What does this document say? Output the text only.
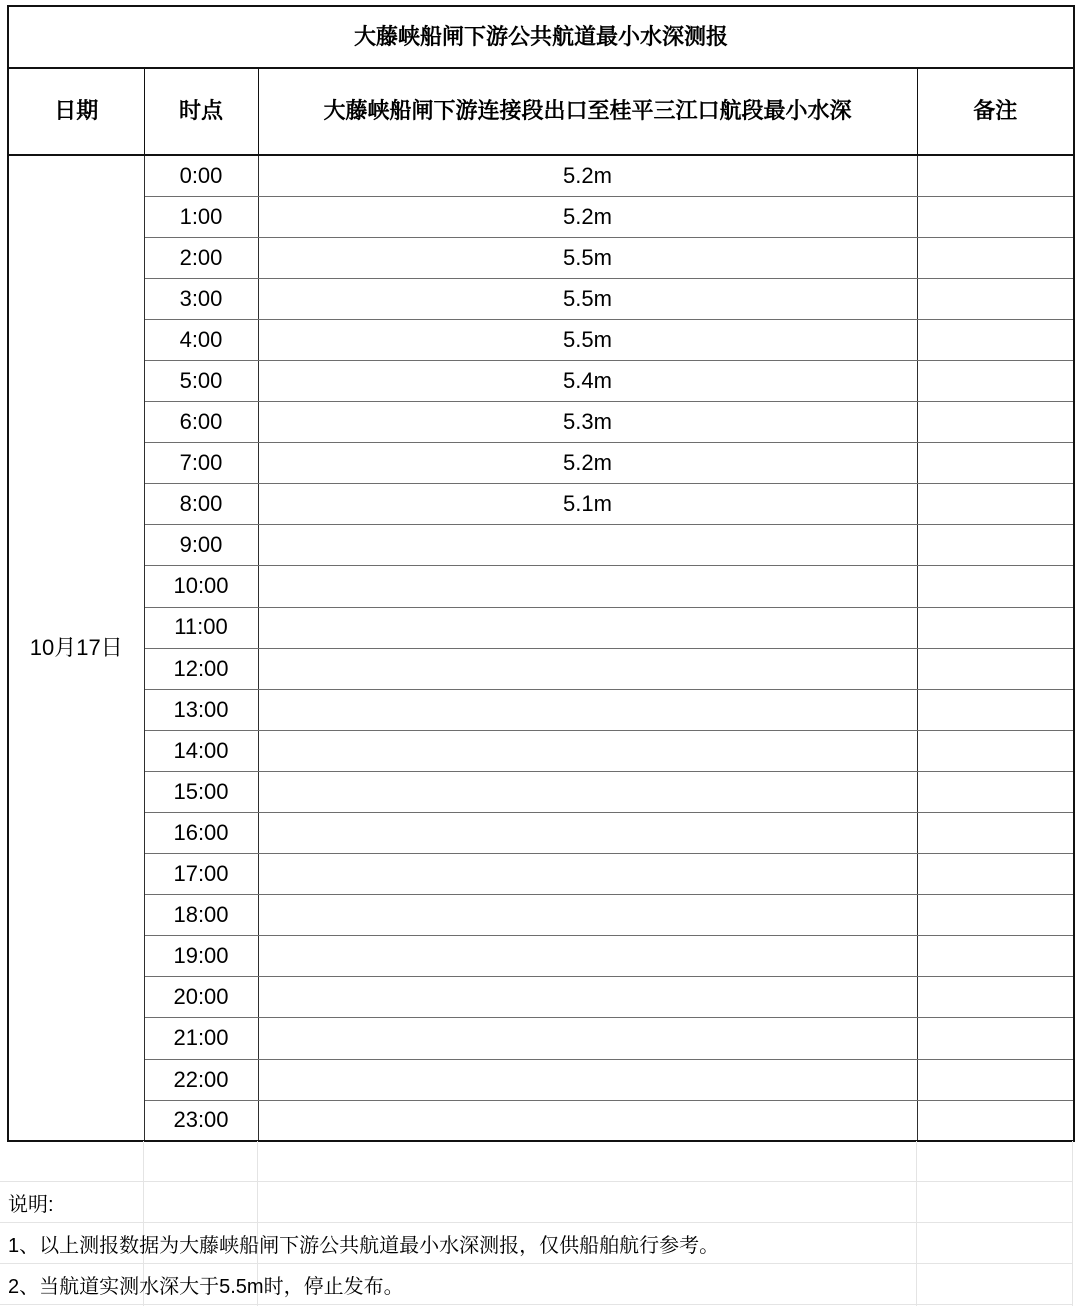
大藤峡船闸下游公共航道最小水深测报			
日期	时点	大藤峡船闸下游连接段出口至桂平三江口航段最小水深	备注
10月17日	0:00	5.2m	
	1:00	5.2m	
	2:00	5.5m	
	3:00	5.5m	
	4:00	5.5m	
	5:00	5.4m	
	6:00	5.3m	
	7:00	5.2m	
	8:00	5.1m	
	9:00		
	10:00		
	11:00		
	12:00		
	13:00		
	14:00		
	15:00		
	16:00		
	17:00		
	18:00		
	19:00		
	20:00		
	21:00		
	22:00		
	23:00		
说明:
1、以上测报数据为大藤峡船闸下游公共航道最小水深测报，仅供船舶航行参考。
2、当航道实测水深大于5.5m时，停止发布。
